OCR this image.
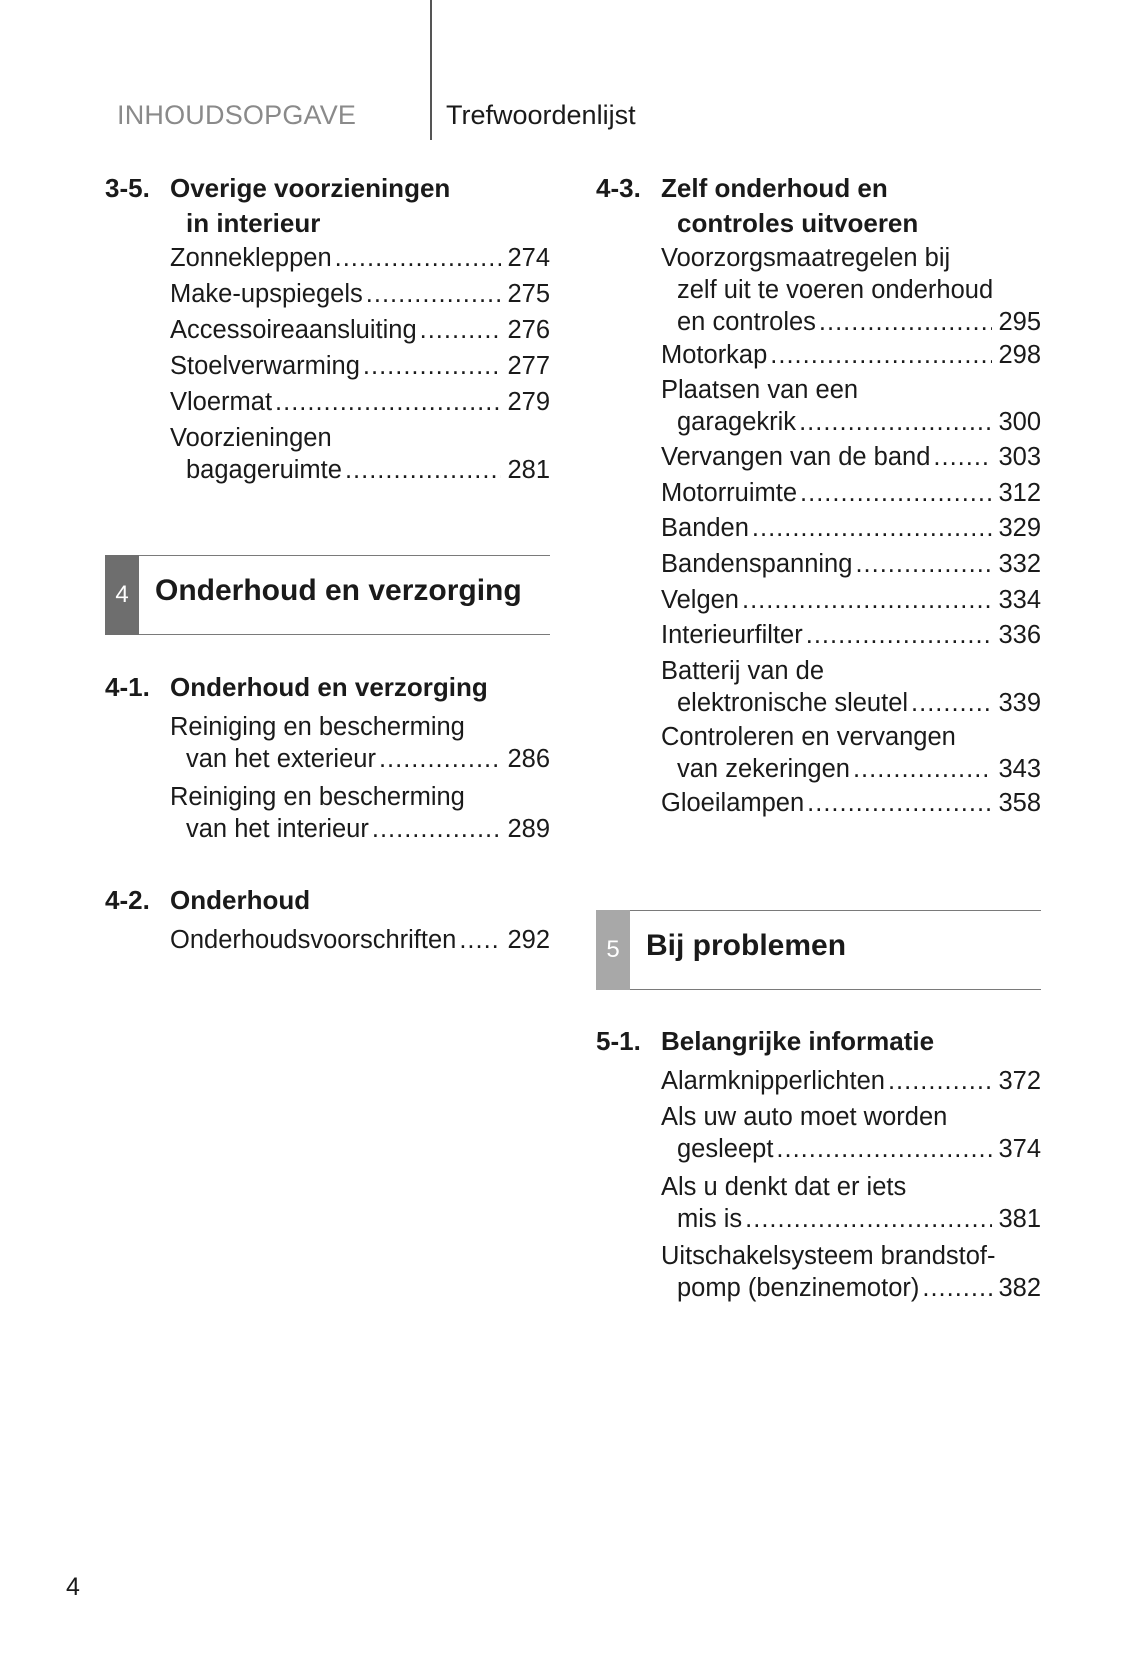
INHOUDSOPGAVE	Trefwoordenlijst
3-5. Overige voorzieningen
in interieur
Zonnekleppen .....	274
Make-upspiegels .....	275
Accessoireaansluiting .....	276
Stoelverwarming .....	277
Vloermat .....	279
Voorzieningen
bagageruimte .....	281
4 Onderhoud en verzorging
4-1. Onderhoud en verzorging
Reiniging en bescherming
van het exterieur .....	286
Reiniging en bescherming
van het interieur .....	289
4-2. Onderhoud
Onderhoudsvoorschriften ..... 292
4-3. Zelf onderhoud en
controles uitvoeren
Voorzorgsmaatregelen bij
zelf uit te voeren onderhoud
en controles .....	295
Motorkap .....	298
Plaatsen van een
garagekrik .....	300
Vervangen van de band .....	303
Motorruimte .....	312
Banden .....	329
Bandenspanning .....	332
Velgen .....	334
Interieurfilter .....	336
Batterij van de
elektronische sleutel .....	339
Controleren en vervangen
van zekeringen .....	343
Gloeilampen .....	358
5 Bij problemen
5-1. Belangrijke informatie
Alarmknipperlichten .....	372
Als uw auto moet worden
gesleept .....	374
Als u denkt dat er iets
mis is .....	381
Uitschakelsysteem brandstof-
pomp (benzinemotor) .....	382
4
